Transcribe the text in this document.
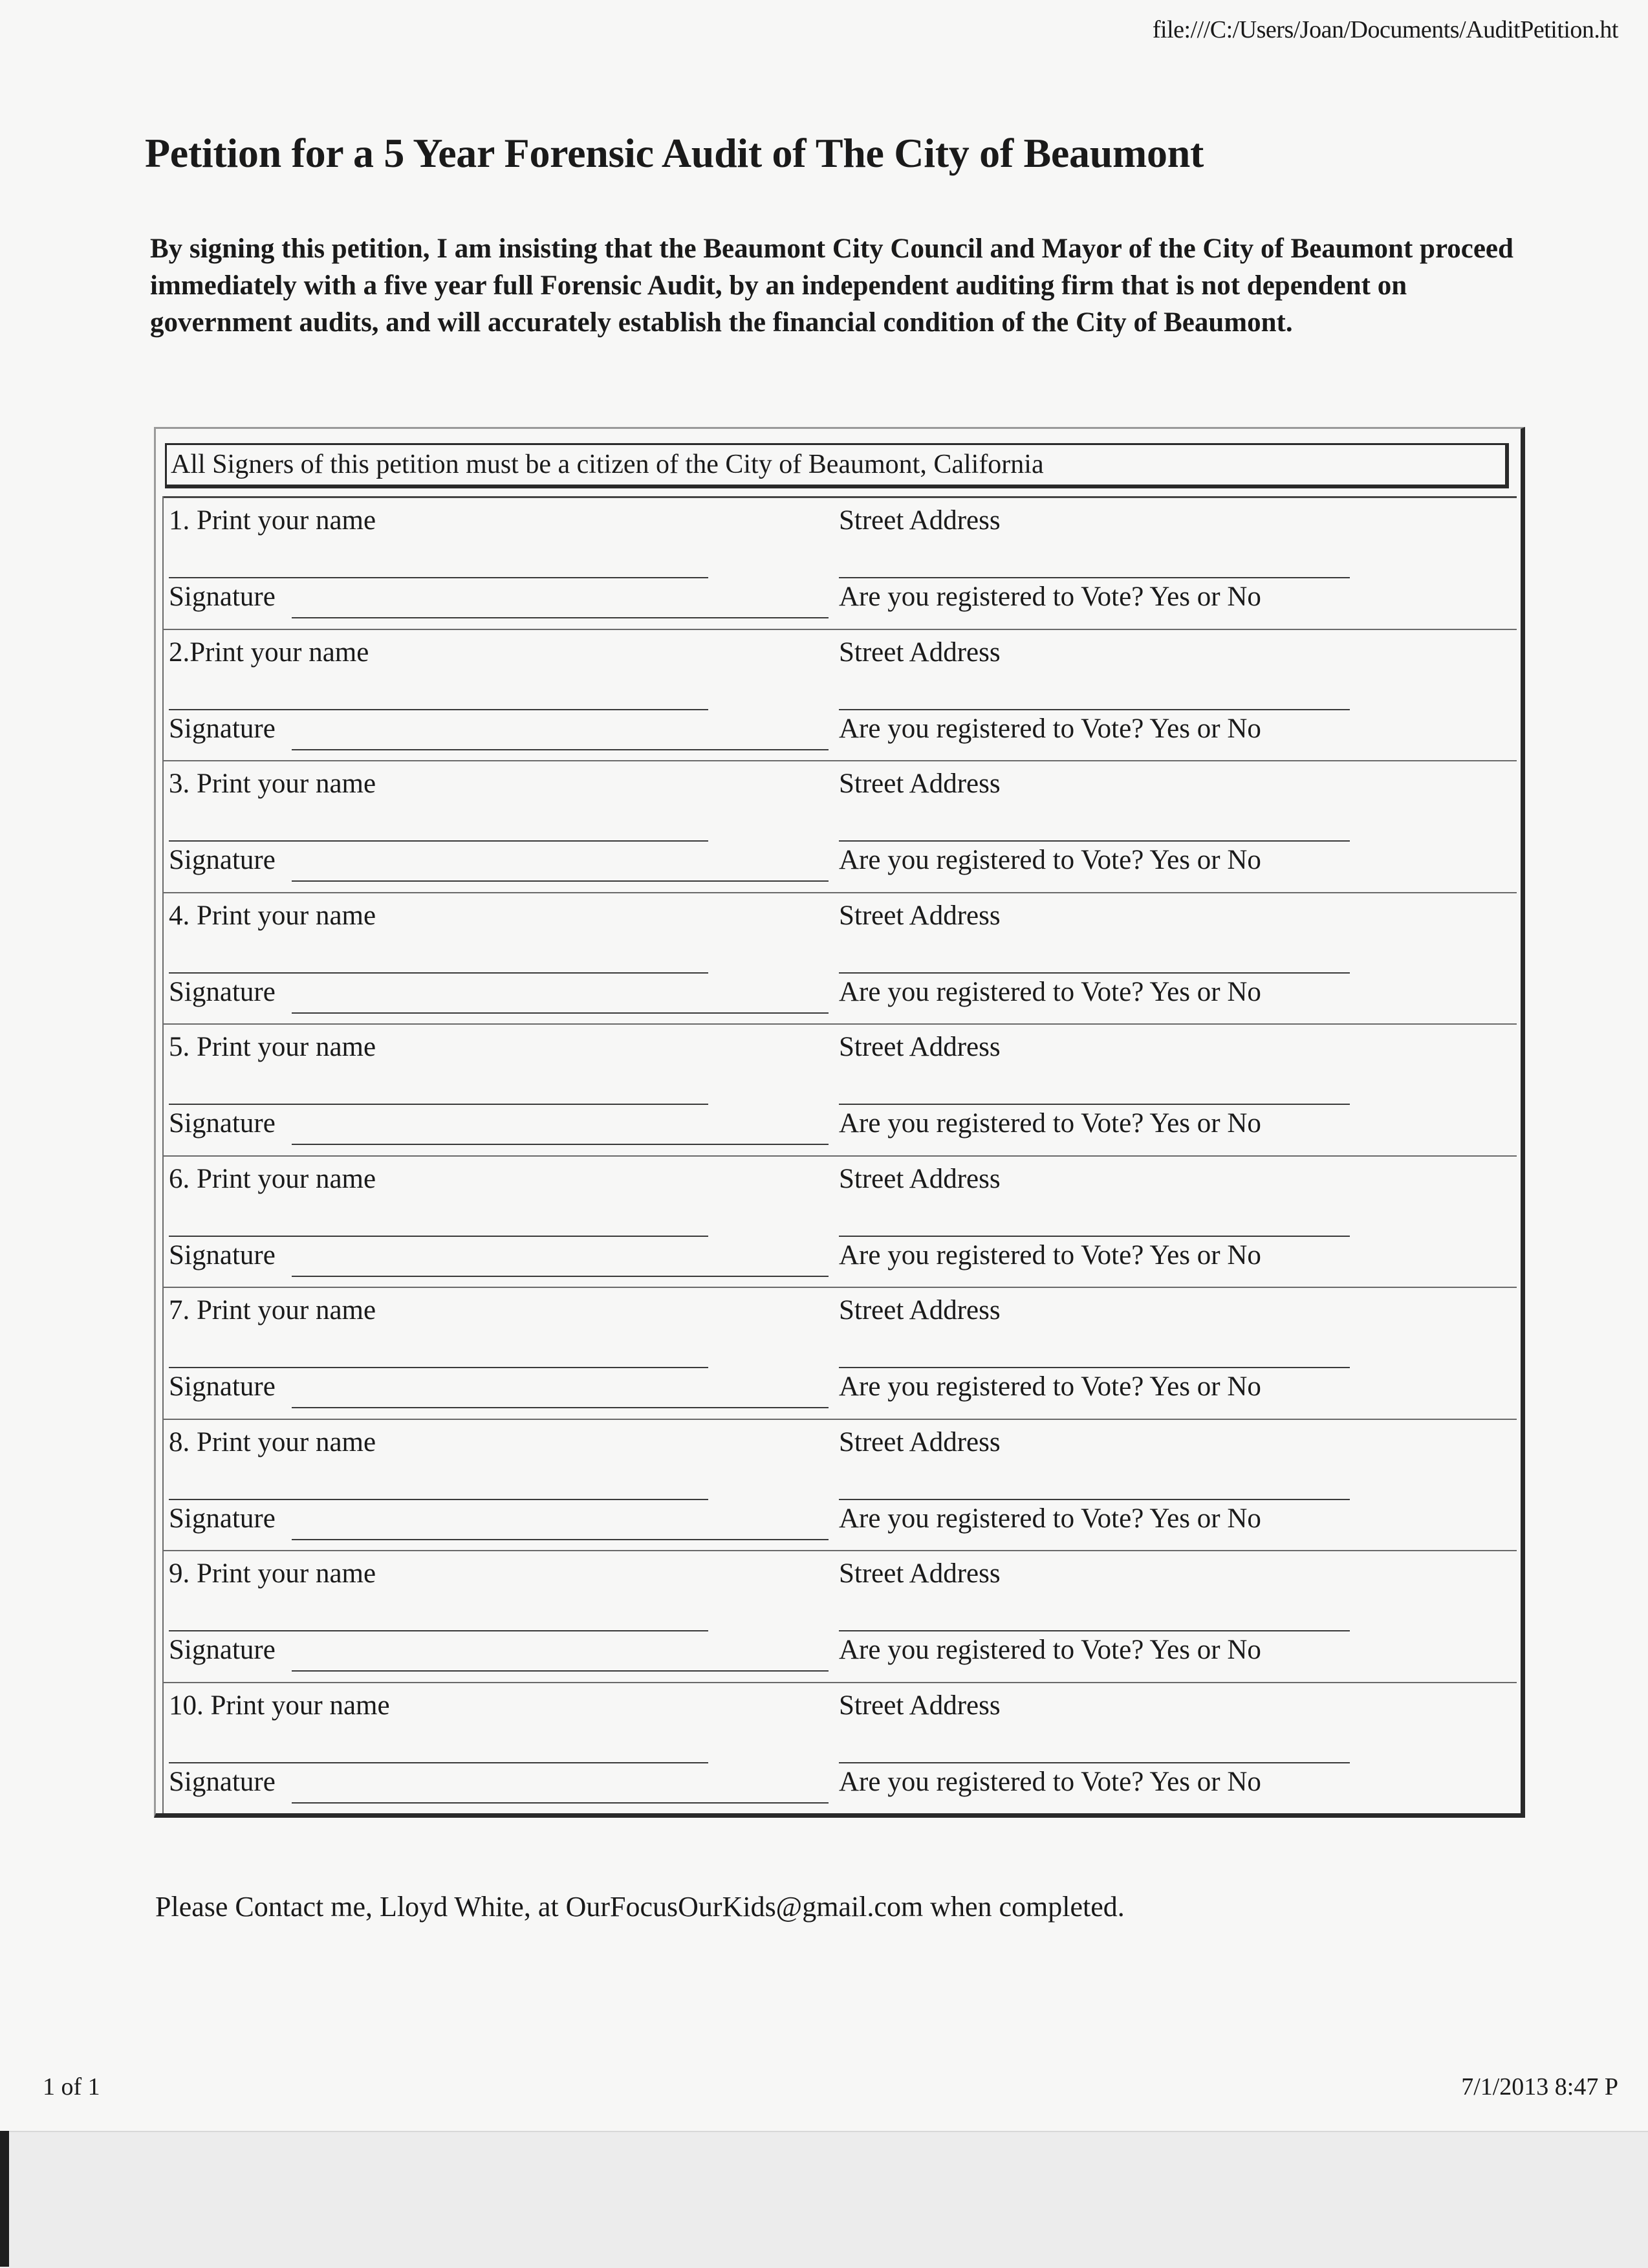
file:///C:/Users/Joan/Documents/AuditPetition.ht
Petition for a 5 Year Forensic Audit of The City of Beaumont

By signing this petition, I am insisting that the Beaumont City Council and Mayor of the City of Beaumont proceed immediately with a five year full Forensic Audit, by an independent auditing firm that is not dependent on government audits, and will accurately establish the financial condition of the City of Beaumont.

All Signers of this petition must be a citizen of the City of Beaumont, California
1. Print your name	Street Address
Signature	Are you registered to Vote? Yes or No
2.Print your name	Street Address
Signature	Are you registered to Vote? Yes or No
3. Print your name	Street Address
Signature	Are you registered to Vote? Yes or No
4. Print your name	Street Address
Signature	Are you registered to Vote? Yes or No
5. Print your name	Street Address
Signature	Are you registered to Vote? Yes or No
6. Print your name	Street Address
Signature	Are you registered to Vote? Yes or No
7. Print your name	Street Address
Signature	Are you registered to Vote? Yes or No
8. Print your name	Street Address
Signature	Are you registered to Vote? Yes or No
9. Print your name	Street Address
Signature	Are you registered to Vote? Yes or No
10. Print your name	Street Address
Signature	Are you registered to Vote? Yes or No
Please Contact me, Lloyd White, at OurFocusOurKids@gmail.com when completed.
1 of 1	7/1/2013 8:47 P
